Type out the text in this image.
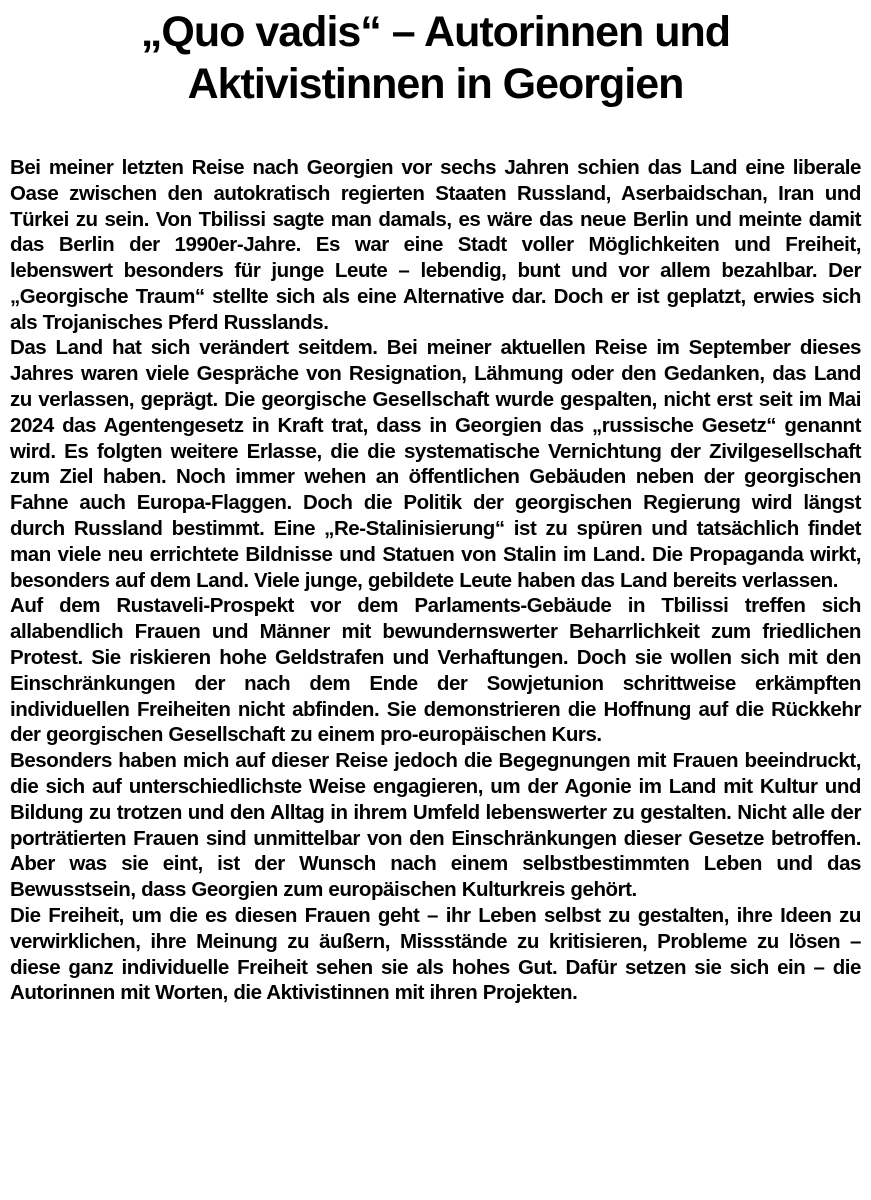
„Quo vadis“ – Autorinnen und Aktivistinnen in Georgien

Bei meiner letzten Reise nach Georgien vor sechs Jahren schien das Land eine liberale Oase zwischen den autokratisch regierten Staaten Russland, Aserbaidschan, Iran und Türkei zu sein. Von Tbilissi sagte man damals, es wäre das neue Berlin und meinte damit das Berlin der 1990er-Jahre. Es war eine Stadt voller Möglichkeiten und Freiheit, lebenswert besonders für junge Leute – lebendig, bunt und vor allem bezahlbar. Der „Georgische Traum“ stellte sich als eine Alternative dar. Doch er ist geplatzt, erwies sich als Trojanisches Pferd Russlands.

Das Land hat sich verändert seitdem. Bei meiner aktuellen Reise im September dieses Jahres waren viele Gespräche von Resignation, Lähmung oder den Gedanken, das Land zu verlassen, geprägt. Die georgische Gesellschaft wurde gespalten, nicht erst seit im Mai 2024 das Agentengesetz in Kraft trat, dass in Georgien das „russische Gesetz“ genannt wird. Es folgten weitere Erlasse, die die systematische Vernichtung der Zivilgesellschaft zum Ziel haben. Noch immer wehen an öffentlichen Gebäuden neben der georgischen Fahne auch Europa-Flaggen. Doch die Politik der georgischen Regierung wird längst durch Russland bestimmt. Eine „Re-Stalinisierung“ ist zu spüren und tatsächlich findet man viele neu errichtete Bildnisse und Statuen von Stalin im Land. Die Propaganda wirkt, besonders auf dem Land. Viele junge, gebildete Leute haben das Land bereits verlassen.

Auf dem Rustaveli-Prospekt vor dem Parlaments-Gebäude in Tbilissi treffen sich allabendlich Frauen und Männer mit bewundernswerter Beharrlichkeit zum friedlichen Protest. Sie riskieren hohe Geldstrafen und Verhaftungen. Doch sie wollen sich mit den Einschränkungen der nach dem Ende der Sowjetunion schrittweise erkämpften individuellen Freiheiten nicht abfinden. Sie demonstrieren die Hoffnung auf die Rückkehr der georgischen Gesellschaft zu einem pro-europäischen Kurs.

Besonders haben mich auf dieser Reise jedoch die Begegnungen mit Frauen beeindruckt, die sich auf unterschiedlichste Weise engagieren, um der Agonie im Land mit Kultur und Bildung zu trotzen und den Alltag in ihrem Umfeld lebenswerter zu gestalten. Nicht alle der porträtierten Frauen sind unmittelbar von den Einschränkungen dieser Gesetze betroffen. Aber was sie eint, ist der Wunsch nach einem selbstbestimmten Leben und das Bewusstsein, dass Georgien zum europäischen Kulturkreis gehört.

Die Freiheit, um die es diesen Frauen geht – ihr Leben selbst zu gestalten, ihre Ideen zu verwirklichen, ihre Meinung zu äußern, Missstände zu kritisieren, Probleme zu lösen – diese ganz individuelle Freiheit sehen sie als hohes Gut. Dafür setzen sie sich ein – die Autorinnen mit Worten, die Aktivistinnen mit ihren Projekten.
